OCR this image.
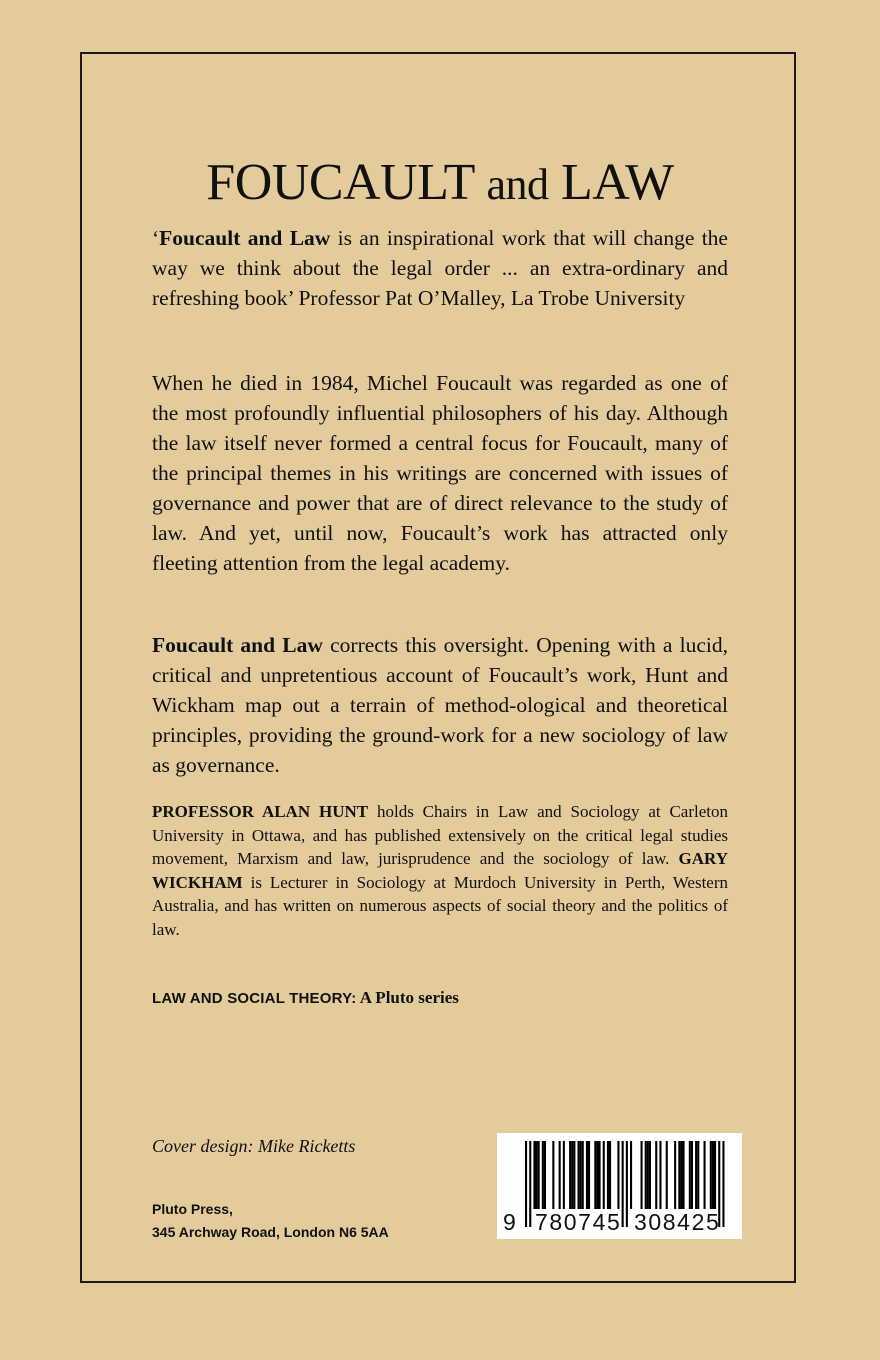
FOUCAULT and LAW

‘Foucault and Law is an inspirational work that will change the way we think about the legal order ... an extra-ordinary and refreshing book’ Professor Pat O’Malley, La Trobe University

When he died in 1984, Michel Foucault was regarded as one of the most profoundly influential philosophers of his day. Although the law itself never formed a central focus for Foucault, many of the principal themes in his writings are concerned with issues of governance and power that are of direct relevance to the study of law. And yet, until now, Foucault’s work has attracted only fleeting attention from the legal academy.

Foucault and Law corrects this oversight. Opening with a lucid, critical and unpretentious account of Foucault’s work, Hunt and Wickham map out a terrain of method-ological and theoretical principles, providing the ground-work for a new sociology of law as governance.

PROFESSOR ALAN HUNT holds Chairs in Law and Sociology at Carleton University in Ottawa, and has published extensively on the critical legal studies movement, Marxism and law, jurisprudence and the sociology of law. GARY WICKHAM is Lecturer in Sociology at Murdoch University in Perth, Western Australia, and has written on numerous aspects of social theory and the politics of law.

LAW AND SOCIAL THEORY: A Pluto series
Cover design: Mike Ricketts
Pluto Press,
345 Archway Road, London N6 5AA	9 780745 308425
